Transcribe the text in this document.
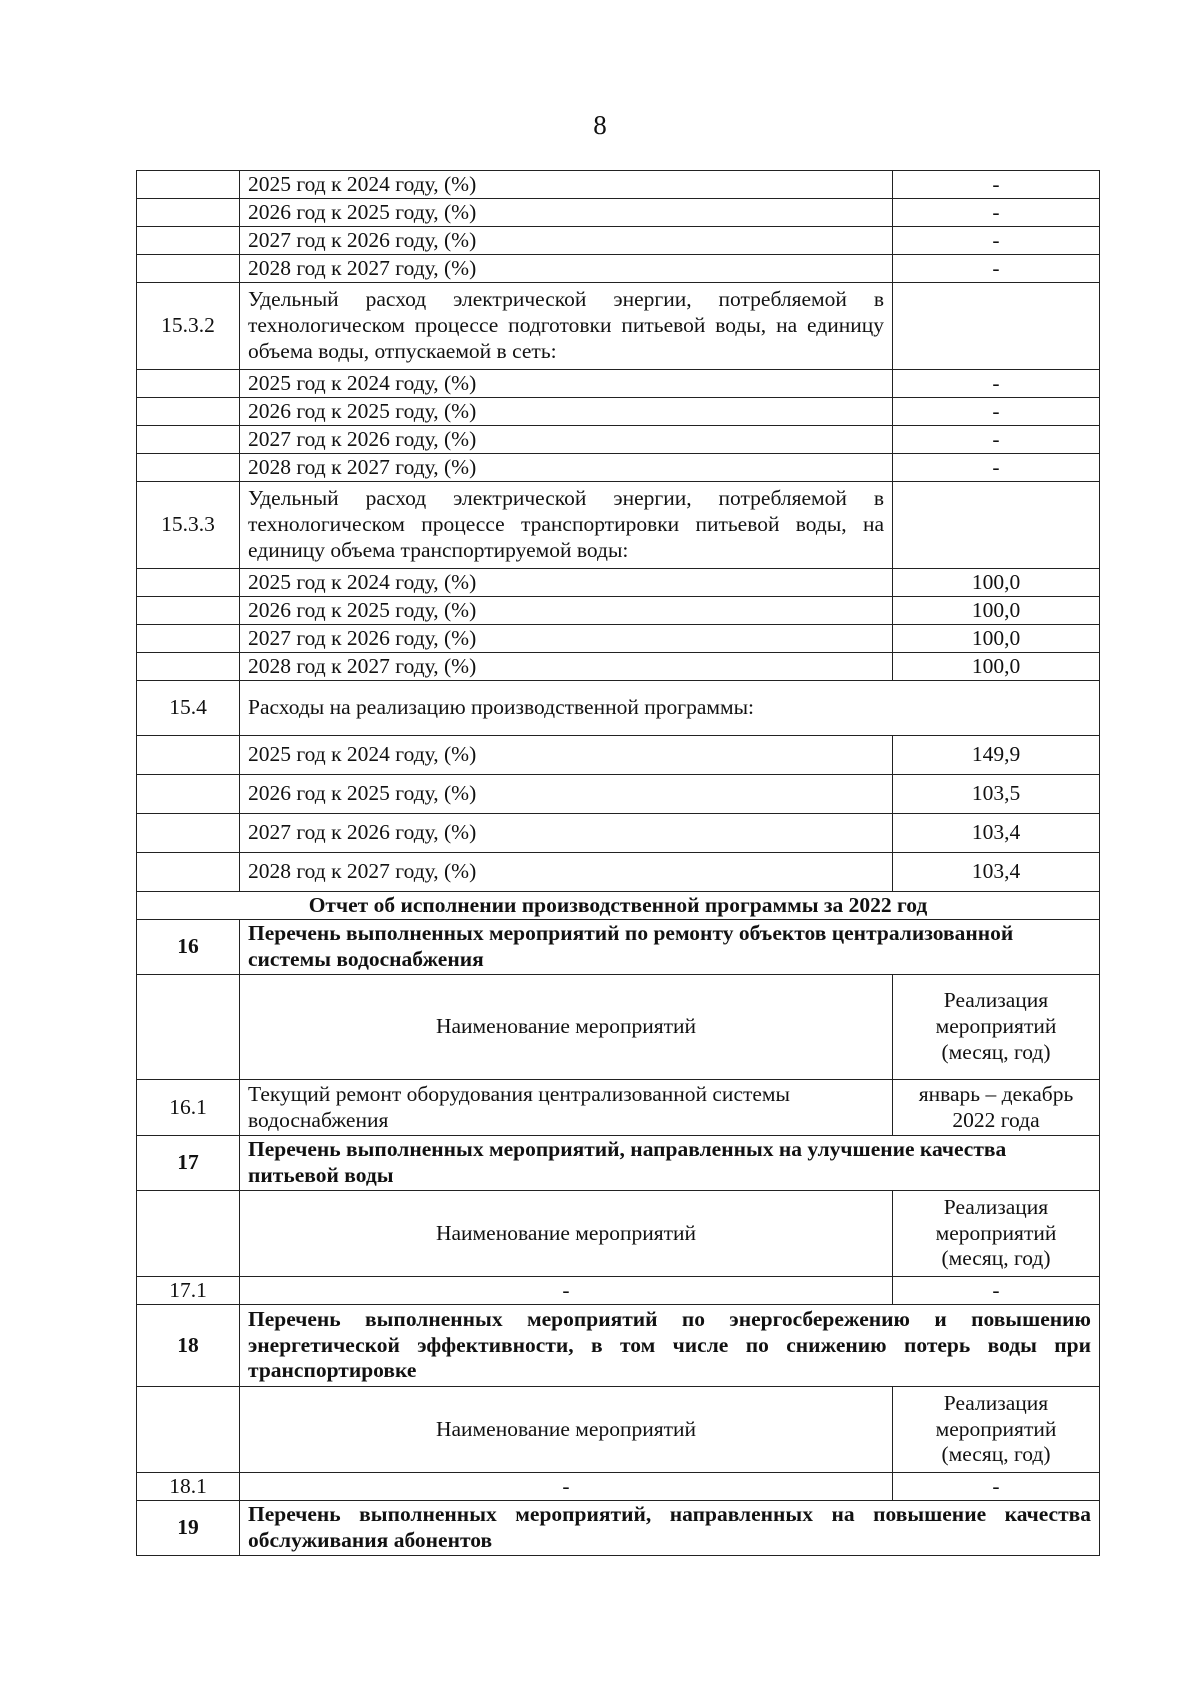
8
	2025 год к 2024 году, (%)	-
	2026 год к 2025 году, (%)	-
	2027 год к 2026 году, (%)	-
	2028 год к 2027 году, (%)	-
15.3.2	Удельный расход электрической энергии, потребляемой в технологическом процессе подготовки питьевой воды, на единицу объема воды, отпускаемой в сеть:	
	2025 год к 2024 году, (%)	-
	2026 год к 2025 году, (%)	-
	2027 год к 2026 году, (%)	-
	2028 год к 2027 году, (%)	-
15.3.3	Удельный расход электрической энергии, потребляемой в технологическом процессе транспортировки питьевой воды, на единицу объема транспортируемой воды:	
	2025 год к 2024 году, (%)	100,0
	2026 год к 2025 году, (%)	100,0
	2027 год к 2026 году, (%)	100,0
	2028 год к 2027 году, (%)	100,0
15.4	Расходы на реализацию производственной программы:	
	2025 год к 2024 году, (%)	149,9
	2026 год к 2025 году, (%)	103,5
	2027 год к 2026 году, (%)	103,4
	2028 год к 2027 году, (%)	103,4
Отчет об исполнении производственной программы за 2022 год		
16	Перечень выполненных мероприятий по ремонту объектов централизованной системы водоснабжения	
	Наименование мероприятий	Реализация мероприятий (месяц, год)
16.1	Текущий ремонт оборудования централизованной системы водоснабжения	январь – декабрь 2022 года
17	Перечень выполненных мероприятий, направленных на улучшение качества питьевой воды	
	Наименование мероприятий	Реализация мероприятий (месяц, год)
17.1	-	-
18	Перечень выполненных мероприятий по энергосбережению и повышению энергетической эффективности, в том числе по снижению потерь воды при транспортировке	
	Наименование мероприятий	Реализация мероприятий (месяц, год)
18.1	-	-
19	Перечень выполненных мероприятий, направленных на повышение качества обслуживания абонентов	
